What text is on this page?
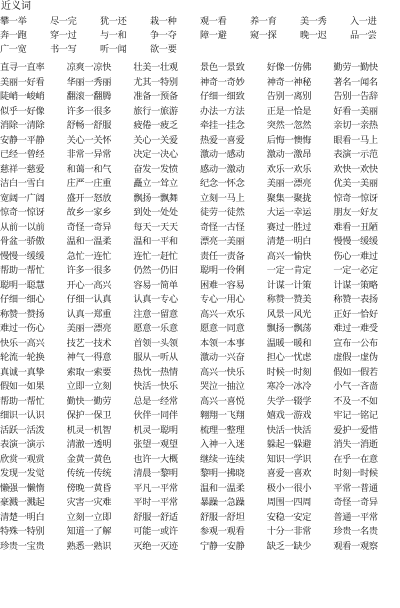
近义词
攀一举	尽一完	犹一还	栽一种	观一看	养一育	美一秀	入一进
奔一跑	穿一过	与一和	争一夺	障一避	窥一探	晚一迟	品一尝
广一宽	书一写	听一闻	欲一要
直寻一直率	凉爽一凉快	壮美一壮观	景色一景致	好像一仿佛	勤劳一勤快
美丽一好看	华丽一秀丽	尤其一特别	神奇一奇妙	神奇一神秘	著名一闻名
陡峭一峻峭	翻滚一翻腾	准备一预备	仔细一细致	告别一离别	告别一告辞
似乎一好像	许多一很多	旅行一旅游	办法一方法	正是一恰是	好看一美丽
消除一清除	舒畅一舒服	疲倦一疲乏	牵挂一挂念	突然一忽然	亲切一亲热
安静一平静	关心一关怀	关心一关爱	热爱一喜爱	后悔一懊悔	眼看一马上
已经一曾经	非常一异常	决定一决心	激动一感动	激动一激昂	表演一示范
慈祥一慈爱	和蔼一和气	奋发一发愤	感动一激动	欢乐一欢乐	欢快一欢快
洁白一雪白	庄严一庄重	矗立一耸立	纪念一怀念	美丽一漂亮	优美一美丽
宽阔一广阔	盛开一怒放	飘扬一飘舞	立刻一马上	聚集一聚拢	惊奇一惊讶
惊奇一惊讶	故乡一家乡	到处一处处	徒劳一徒然	大运一幸运	朋友一好友
从前一以前	奇怪一奇异	每天一天天	奇怪一古怪	赛过一胜过	难看一丑陋
骨盆一骄傲	温和一温柔	温和一平和	漂亮一美丽	清楚一明白	慢慢一缓缓
慢慢一缓缓	急忙一连忙	连忙一赶忙	责任一责备	高兴一愉快	伤心一难过
帮助一帮忙	许多一很多	仍然一仍旧	聪明一伶俐	一定一肯定	一定一必定
聪明一聪慧	开心一高兴	容易一简单	困难一容易	计谋一计策	计谋一策略
仔细一细心	仔细一认真	认真一专心	专心一用心	称赞一赞美	称赞一表扬
称赞一赞扬	认真一郑重	注意一留意	高兴一欢乐	风景一风光	正好一恰好
难过一伤心	美丽一漂亮	愿意一乐意	愿意一同意	飘扬一飘荡	难过一难受
快乐一高兴	技艺一技术	首领一头领	本领一本事	温暖一暖和	宣布一公布
轮流一轮换	神气一得意	服从一听从	激动一兴奋	担心一忧虑	虚假一虚伪
真诚一真挚	索取一索要	热忱一热情	高兴一快乐	时候一时刻	假如一假若
假如一如果	立即一立刻	快活一快乐	哭泣一抽泣	寒冷一冰冷	小气一吝啬
帮助一帮忙	勤快一勤劳	总是一经常	高兴一喜悦	失学一辍学	不及一不如
细识一认识	保护一保卫	伙伴一同伴	翱翔一飞翔	嬉戏一游戏	牢记一铭记
活跃一活泼	机灵一机智	机灵一聪明	梳理一整理	快活一快活	爱护一爱惜
表演一演示	清澈一透明	张望一观望	入神一入迷	躲起一躲避	消失一消逝
欣赏一观赏	金黄一黄色	也许一大概	继续一连续	知识一学识	在乎一在意
发现一发觉	传统一传统	清晨一黎明	黎明一拂晓	喜爱一喜欢	时刻一时候
懒强一懒惰	傍晚一黄昏	平凡一平常	温和一温柔	极小一很小	平常一普通
豪溅一溅起	灾害一灾难	平时一平常	暴躁一急躁	周围一四周	奇怪一奇异
清楚一明白	立刻一立即	舒服一舒适	舒服一舒坦	安稳一安定	普通一平常
特殊一特别	知道一了解	可能一或许	参观一观看	十分一非常	珍贵一名贵
珍贵一宝贵	熟悉一熟识	灭绝一灭迹	宁静一安静	缺乏一缺少	观看一观察
